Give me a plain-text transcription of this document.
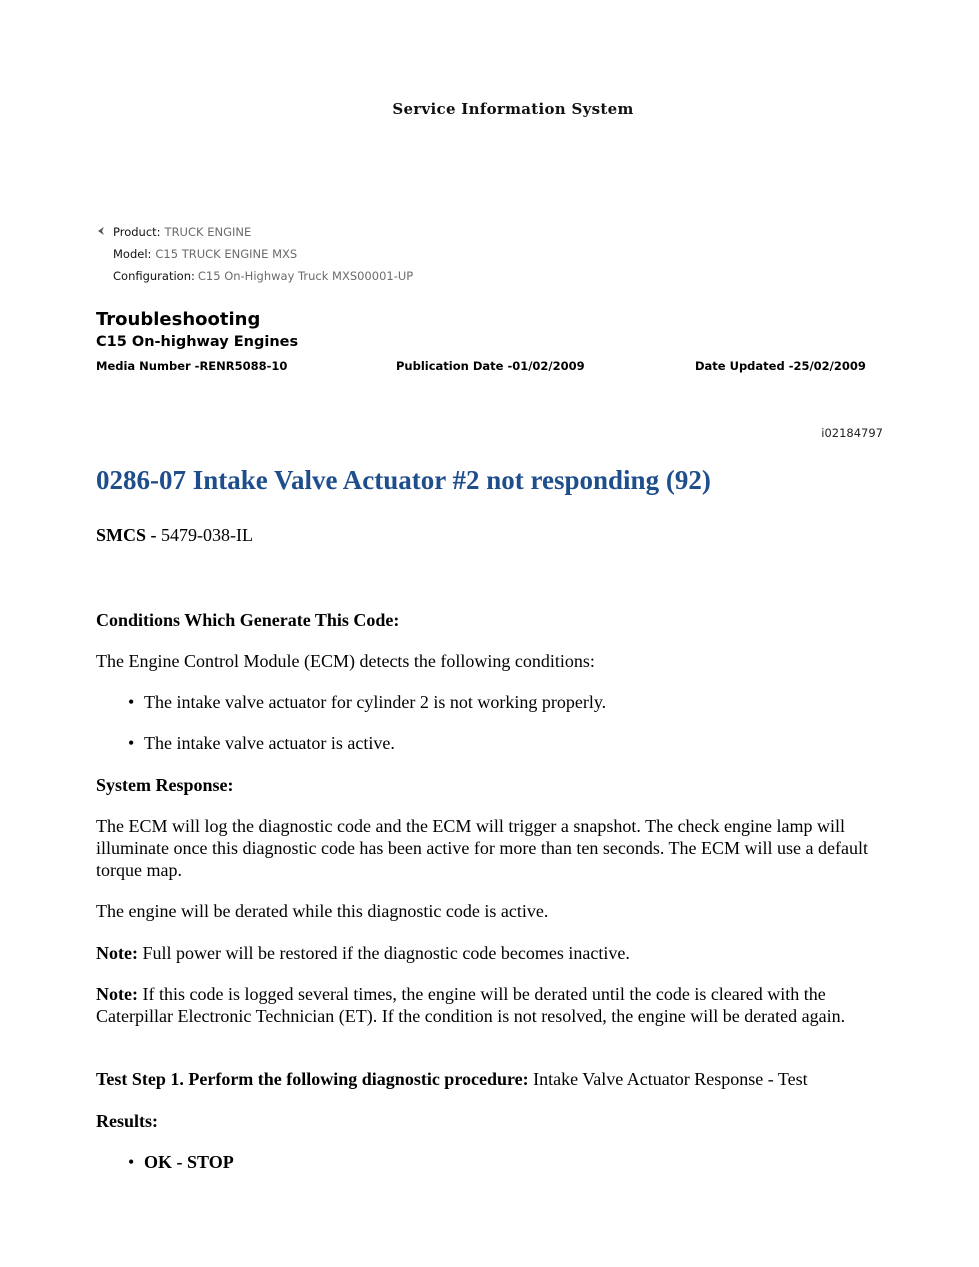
Service Information System
Product: TRUCK ENGINE
Model: C15 TRUCK ENGINE MXS
Configuration: C15 On-Highway Truck MXS00001-UP
Troubleshooting
C15 On-highway Engines
Media Number -RENR5088-10	Publication Date -01/02/2009	Date Updated -25/02/2009
i02184797
0286-07 Intake Valve Actuator #2 not responding (92)
SMCS - 5479-038-IL
Conditions Which Generate This Code:
The Engine Control Module (ECM) detects the following conditions:
• The intake valve actuator for cylinder 2 is not working properly.
• The intake valve actuator is active.
System Response:
The ECM will log the diagnostic code and the ECM will trigger a snapshot. The check engine lamp will illuminate once this diagnostic code has been active for more than ten seconds. The ECM will use a default torque map.
The engine will be derated while this diagnostic code is active.
Note: Full power will be restored if the diagnostic code becomes inactive.
Note: If this code is logged several times, the engine will be derated until the code is cleared with the Caterpillar Electronic Technician (ET). If the condition is not resolved, the engine will be derated again.
Test Step 1. Perform the following diagnostic procedure: Intake Valve Actuator Response - Test
Results:
• OK - STOP
